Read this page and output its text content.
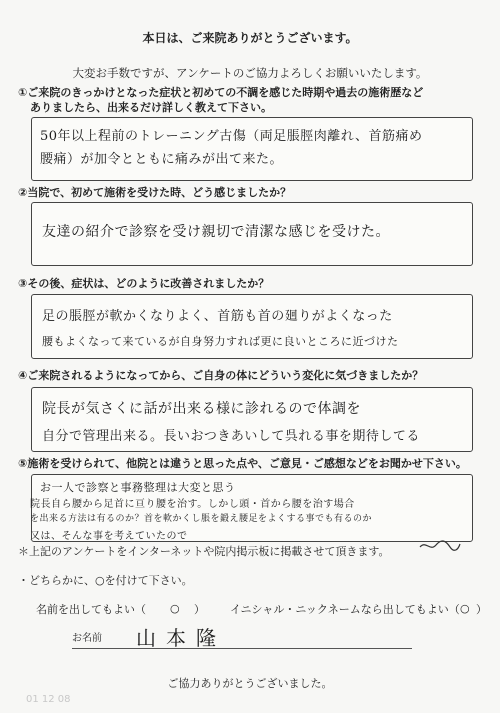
本日は、ご来院ありがとうございます。
大変お手数ですが、アンケートのご協力よろしくお願いいたします。
①ご来院のきっかけとなった症状と初めての不調を感じた時期や過去の施術歴など
ありましたら、出来るだけ詳しく教えて下さい。
50年以上程前のトレーニング古傷（両足脹脛肉離れ、首筋痛め
腰痛）が加令とともに痛みが出て来た。
②当院で、初めて施術を受けた時、どう感じましたか？
友達の紹介で診察を受け親切で清潔な感じを受けた。
③その後、症状は、どのように改善されましたか？
足の脹脛が軟かくなりよく、首筋も首の廻りがよくなった
腰もよくなって来ているが自身努力すれば更に良いところに近づけた
④ご来院されるようになってから、ご自身の体にどういう変化に気づきましたか？
院長が気さくに話が出来る様に診れるので体調を
自分で管理出来る。長いおつきあいして呉れる事を期待してる
⑤施術を受けられて、他院とは違うと思った点や、ご意見・ご感想などをお聞かせ下さい。
お一人で診察と事務整理は大変と思う
院長自ら腰から足首に亘り腰を治す。しかし頭・首から腰を治す場合
を出来る方法は有るのか？首を軟かくし脹を鍛え腰足をよくする事でも有るのか
又は、そんな事を考えていたので
＊上記のアンケートをインターネットや院内掲示板に掲載させて頂きます。
・どちらかに、○を付けて下さい。
名前を出してもよい（ ○ ） イニシャル・ニックネームなら出してもよい（ ○ ）
お名前 山本隆
ご協力ありがとうございました。
01 12 08
